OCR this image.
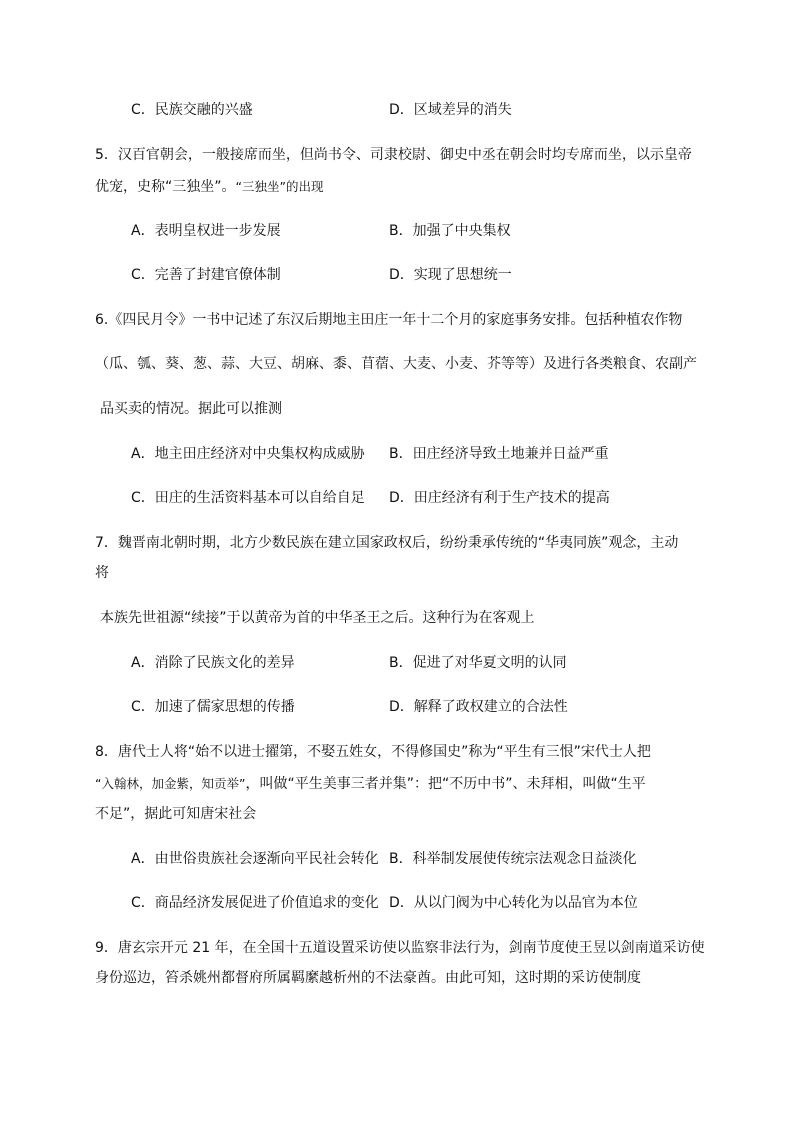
C．民族交融的兴盛	D．区域差异的消失
5．汉百官朝会，一般接席而坐，但尚书令、司隶校尉、御史中丞在朝会时均专席而坐，以示皇帝
优宠，史称“三独坐”。“三独坐”的出现
A．表明皇权进一步发展	B．加强了中央集权
C．完善了封建官僚体制	D．实现了思想统一
6.《四民月令》一书中记述了东汉后期地主田庄一年十二个月的家庭事务安排。包括种植农作物
（瓜、瓠、葵、葱、蒜、大豆、胡麻、黍、苜蓿、大麦、小麦、芥等等）及进行各类粮食、农副产
品买卖的情况。据此可以推测
A．地主田庄经济对中央集权构成威胁 B．田庄经济导致土地兼并日益严重
C．田庄的生活资料基本可以自给自足 D．田庄经济有利于生产技术的提高
7．魏晋南北朝时期，北方少数民族在建立国家政权后，纷纷秉承传统的“华夷同族”观念，主动
将
本族先世祖源“续接”于以黄帝为首的中华圣王之后。这种行为在客观上
A．消除了民族文化的差异	B．促进了对华夏文明的认同
C．加速了儒家思想的传播	D．解释了政权建立的合法性
8．唐代士人将“始不以进士擢第，不娶五姓女，不得修国史”称为“平生有三恨”宋代士人把
“入翰林，加金紫，知贡举”，叫做“平生美事三者并集”：把“不历中书”、未拜相，叫做“生平
不足”，据此可知唐宋社会
A．由世俗贵族社会逐渐向平民社会转化 B．科举制发展使传统宗法观念日益淡化
C．商品经济发展促进了价值追求的变化 D．从以门阀为中心转化为以品官为本位
9．唐玄宗开元 21 年，在全国十五道设置采访使以监察非法行为，剑南节度使王昱以剑南道采访使
身份巡边，笞杀姚州都督府所属羁縻越析州的不法豪酋。由此可知，这时期的采访使制度
